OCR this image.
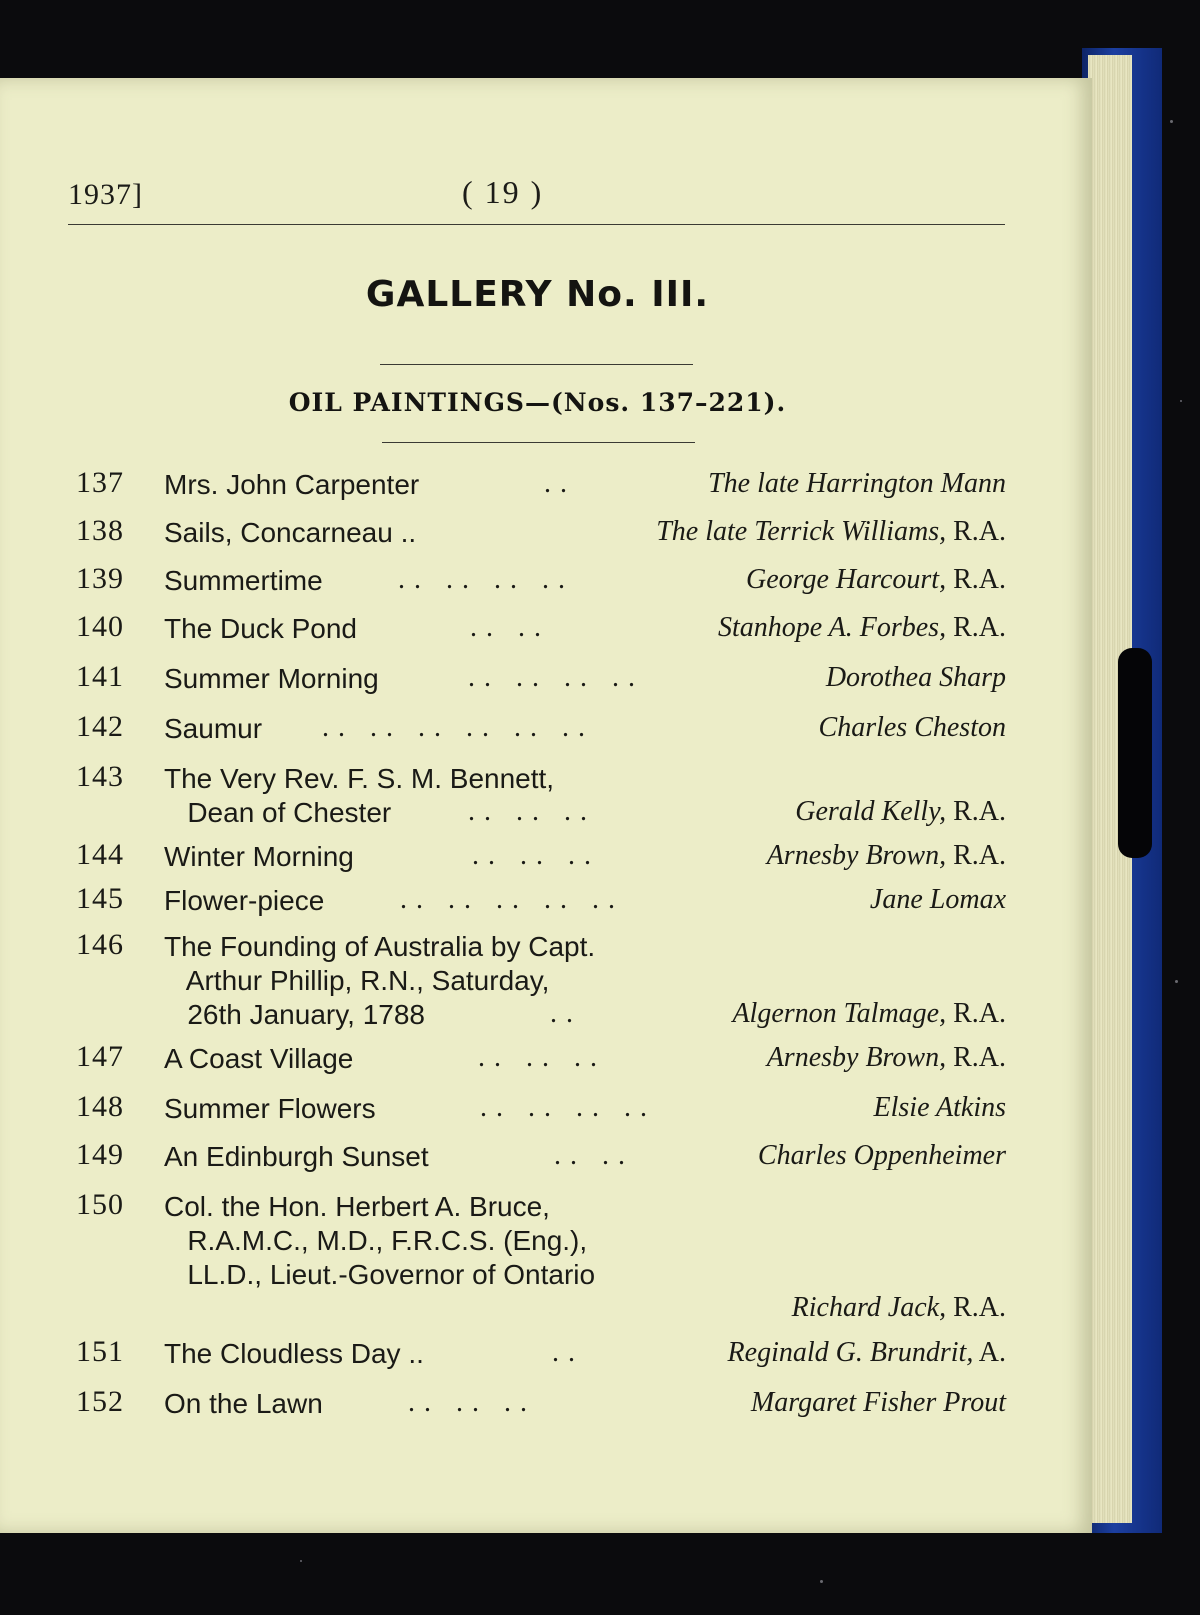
1937]	( 19 )
GALLERY No. III.
OIL PAINTINGS—(Nos. 137–221).
137 Mrs. John Carpenter	..	The late Harrington Mann
138 Sails, Concarneau ..	The late Terrick Williams, R.A.
139 Summertime	.. .. .. ..	George Harcourt, R.A.
140 The Duck Pond	.. ..	Stanhope A. Forbes, R.A.
141 Summer Morning	.. .. .. ..	Dorothea Sharp
142 Saumur .. .. .. .. .. ..	Charles Cheston
143 The Very Rev. F. S. M. Bennett,
Dean of Chester	.. .. ..	Gerald Kelly, R.A.
144 Winter Morning	.. .. ..	Arnesby Brown, R.A.
145 Flower-piece	.. .. .. .. ..	Jane Lomax
146 The Founding of Australia by Capt.
Arthur Phillip, R.N., Saturday,
26th January, 1788	..	Algernon Talmage, R.A.
147 A Coast Village	.. .. ..	Arnesby Brown, R.A.
148 Summer Flowers	.. .. .. ..	Elsie Atkins
149 An Edinburgh Sunset	.. ..	Charles Oppenheimer
150 Col. the Hon. Herbert A. Bruce,
R.A.M.C., M.D., F.R.C.S. (Eng.),
LL.D., Lieut.-Governor of Ontario
Richard Jack, R.A.
151 The Cloudless Day ..	..	Reginald G. Brundrit, A.
152 On the Lawn	.. .. ..	Margaret Fisher Prout
